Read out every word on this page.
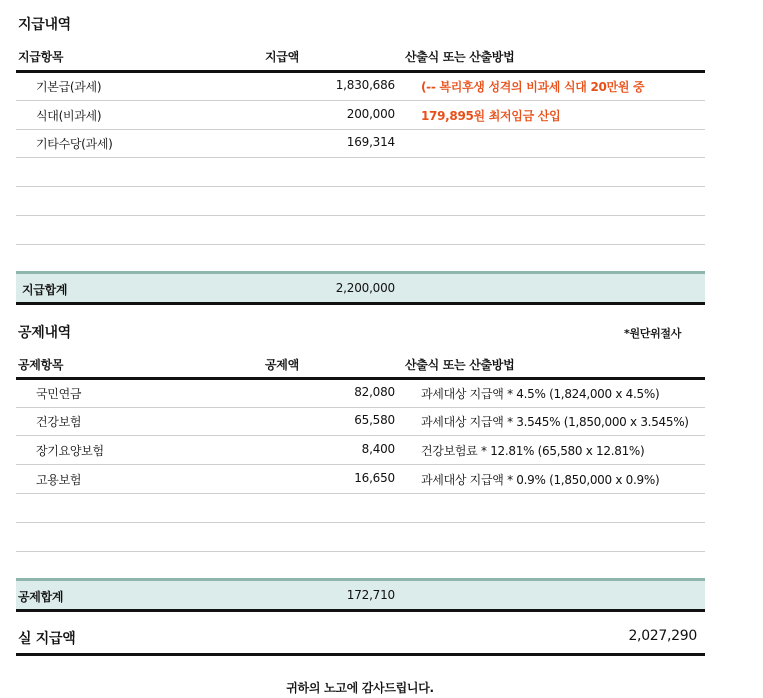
지급내역
지급항목	지급액	산출식 또는 산출방법
기본급(과세)	1,830,686 (-- 복리후생 성격의 비과세 식대 20만원 중
식대(비과세)	200,000 179,895원 최저임금 산입
기타수당(과세)	169,314
지급합계	2,200,000
공제내역	*원단위절사
공제항목	공제액	산출식 또는 산출방법
국민연금	82,080 과세대상 지급액 * 4.5% (1,824,000 x 4.5%)
건강보험	65,580 과세대상 지급액 * 3.545% (1,850,000 x 3.545%)
장기요양보험	8,400 건강보험료 * 12.81% (65,580 x 12.81%)
고용보험	16,650 과세대상 지급액 * 0.9% (1,850,000 x 0.9%)
공제합계	172,710
실 지급액	2,027,290
귀하의 노고에 감사드립니다.
